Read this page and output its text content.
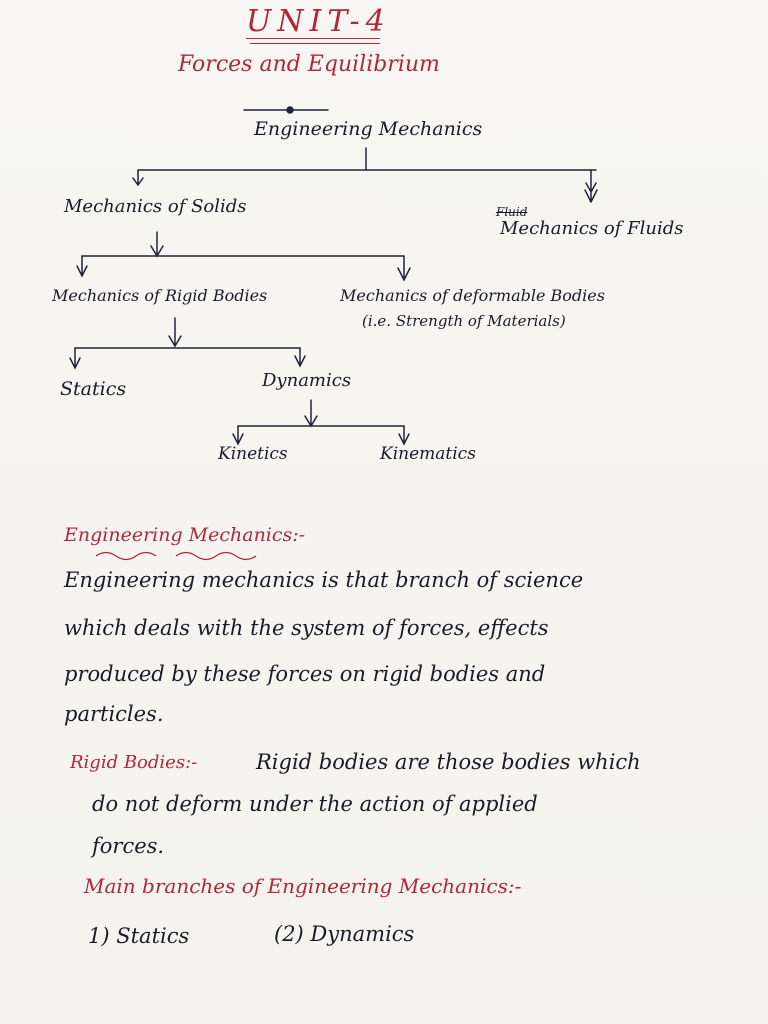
UNIT-4
Forces and Equilibrium
Engineering Mechanics
Mechanics of Solids	Fluid
Mechanics of Fluids
Mechanics of Rigid Bodies	Mechanics of deformable Bodies
(i.e. Strength of Materials)
Statics	Dynamics
Kinetics	Kinematics
Engineering Mechanics:-
Engineering mechanics is that branch of science
which deals with the system of forces, effects
produced by these forces on rigid bodies and
particles.
Rigid Bodies:-	Rigid bodies are those bodies which
do not deform under the action of applied
forces.
Main branches of Engineering Mechanics:-
1) Statics	(2) Dynamics
